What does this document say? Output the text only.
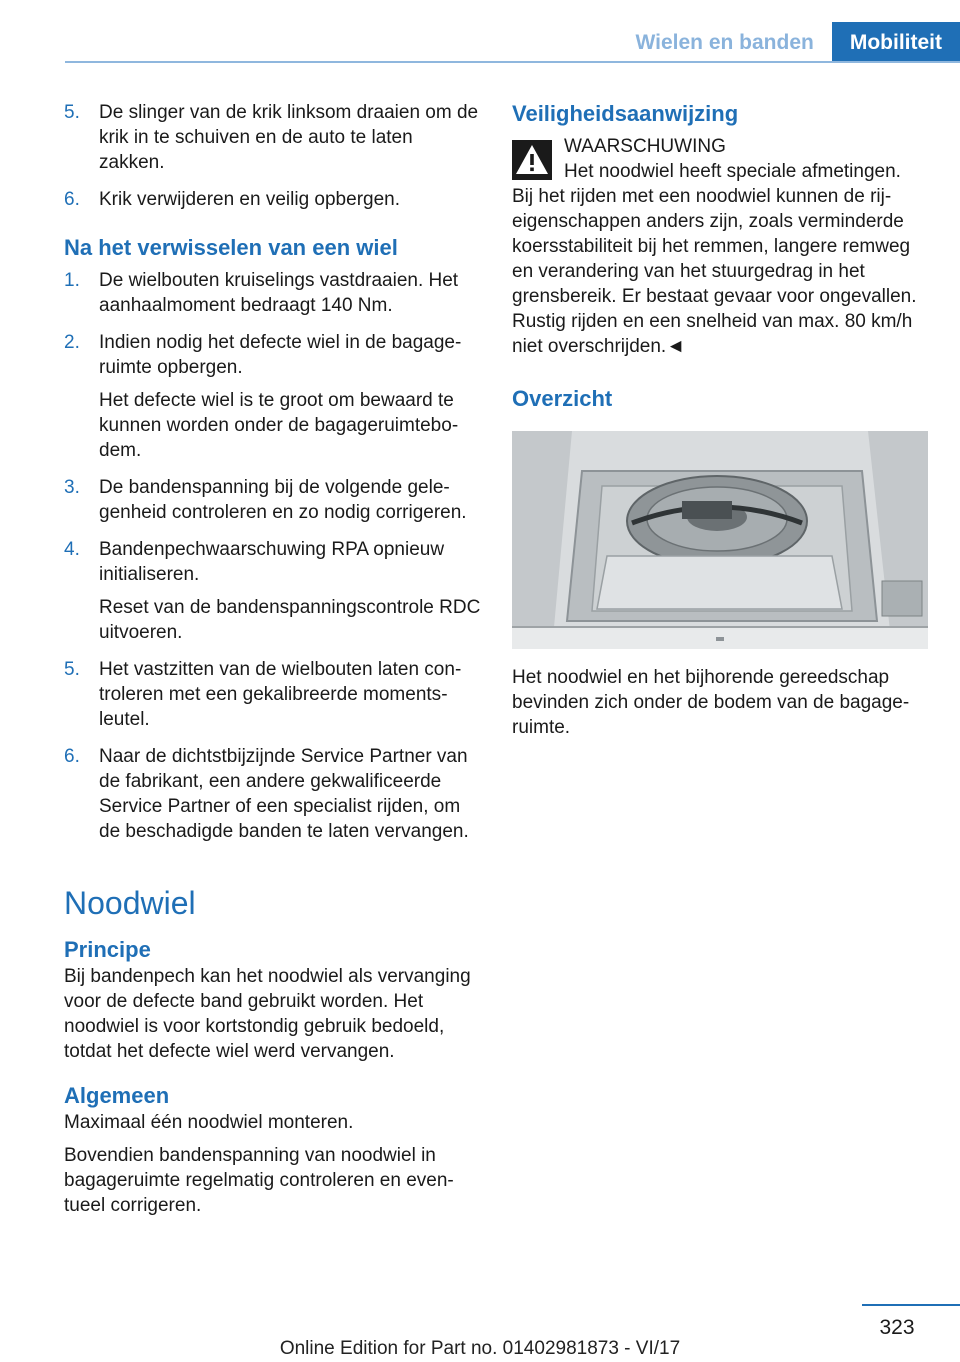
Wielen en banden	Mobiliteit
5. De slinger van de krik linksom draaien om de krik in te schuiven en de auto te laten zakken.

6. Krik verwijderen en veilig opbergen.

Na het verwisselen van een wiel
1. De wielbouten kruiselings vastdraaien. Het aanhaalmoment bedraagt 140 Nm.

2. Indien nodig het defecte wiel in de bagageruimte opbergen.

Het defecte wiel is te groot om bewaard te kunnen worden onder de bagageruimtebodem.

3. De bandenspanning bij de volgende gelegenheid controleren en zo nodig corrigeren.

4. Bandenpechwaarschuwing RPA opnieuw initialiseren.

Reset van de bandenspanningscontrole RDC uitvoeren.

5. Het vastzitten van de wielbouten laten controleren met een gekalibreerde momentsleutel.

6. Naar de dichtstbijzijnde Service Partner van de fabrikant, een andere gekwalificeerde Service Partner of een specialist rijden, om de beschadigde banden te laten vervangen.

Noodwiel
Principe

Bij bandenpech kan het noodwiel als vervanging voor de defecte band gebruikt worden. Het noodwiel is voor kortstondig gebruik bedoeld, totdat het defecte wiel werd vervangen.

Algemeen

Maximaal één noodwiel monteren.

Bovendien bandenspanning van noodwiel in bagageruimte regelmatig controleren en eventueel corrigeren.

Veiligheidsaanwijzing

WAARSCHUWING

Het noodwiel heeft speciale afmetingen.

Bij het rijden met een noodwiel kunnen de rijeigenschappen anders zijn, zoals verminderde koersstabiliteit bij het remmen, langere remweg en verandering van het stuurgedrag in het grensbereik. Er bestaat gevaar voor ongevallen. Rustig rijden en een snelheid van max. 80 km/h niet overschrijden.◄

Overzicht

Het noodwiel en het bijhorende gereedschap bevinden zich onder de bodem van de bagageruimte.

323
Online Edition for Part no. 01402981873 - VI/17
